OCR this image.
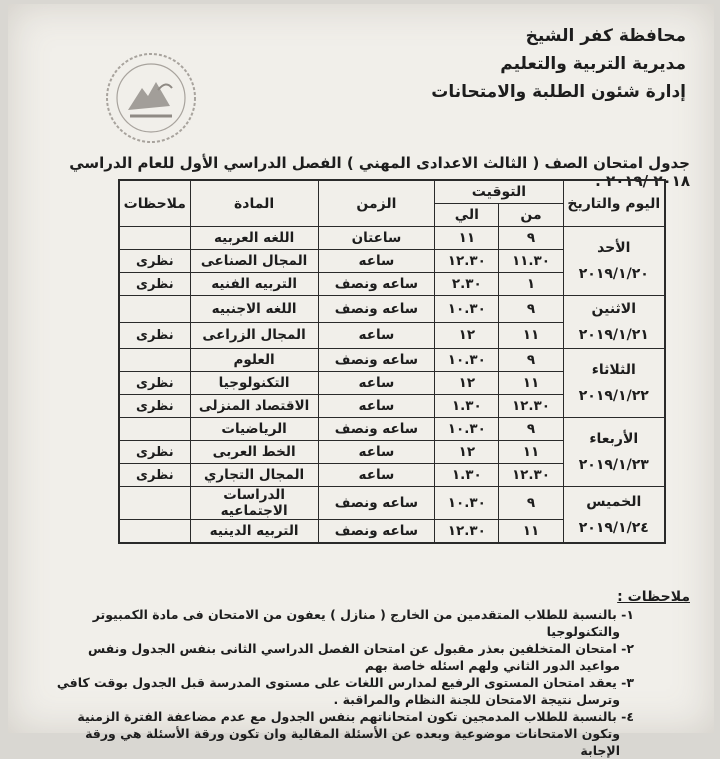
محافظة كفر الشيخ
مديرية التربية والتعليم
إدارة شئون الطلبة والامتحانات
جدول امتحان الصف ( الثالث الاعدادى المهني ) الفصل الدراسي الأول للعام الدراسي ٢٠١٨ /٢٠١٩ .
اليوم والتاريخ	التوقيت		الزمن	المادة	ملاحظات
	من	الي			

الأحد
٢٠١٩/١/٢٠	٩	١١	ساعتان	اللغه العربيه	
	١١.٣٠	١٢.٣٠	ساعه	المجال الصناعى	نظرى
	١	٢.٣٠	ساعه ونصف	التربيه الفنيه	نظرى

الاثنين
٢٠١٩/١/٢١	٩	١٠.٣٠	ساعه ونصف	اللغه الاجنبيه	
	١١	١٢	ساعه	المجال الزراعى	نظرى

الثلاثاء
٢٠١٩/١/٢٢	٩	١٠.٣٠	ساعه ونصف	العلوم	
	١١	١٢	ساعه	التكنولوجيا	نظرى
	١٢.٣٠	١.٣٠	ساعه	الاقتصاد المنزلى	نظرى

الأربعاء
٢٠١٩/١/٢٣	٩	١٠.٣٠	ساعه ونصف	الرياضيات	
	١١	١٢	ساعه	الخط العربى	نظرى
	١٢.٣٠	١.٣٠	ساعه	المجال التجاري	نظرى

الخميس
٢٠١٩/١/٢٤	٩	١٠.٣٠	ساعه ونصف	الدراسات الاجتماعيه	
	١١	١٢.٣٠	ساعه ونصف	التربيه الدينيه	
ملاحظات :
١- بالنسبة للطلاب المتقدمين من الخارج ( منازل ) يعفون من الامتحان فى مادة الكمبيوتر والتكنولوجيا
٢- امتحان المتخلفين بعذر مقبول عن امتحان الفصل الدراسي الثانى بنفس الجدول ونفس مواعيد الدور الثاني ولهم اسئله خاصة بهم
٣- يعقد امتحان المستوى الرفيع لمدارس اللغات على مستوى المدرسة قبل الجدول بوقت كافي وترسل نتيجة الامتحان للجنة النظام والمراقبة .
٤- بالنسبة للطلاب المدمجين تكون امتحاناتهم بنفس الجدول مع عدم مضاعفة الفترة الزمنية وتكون الامتحانات موضوعية وبعده عن الأسئلة المقالية وان تكون ورقة الأسئلة هي ورقة الإجابة
